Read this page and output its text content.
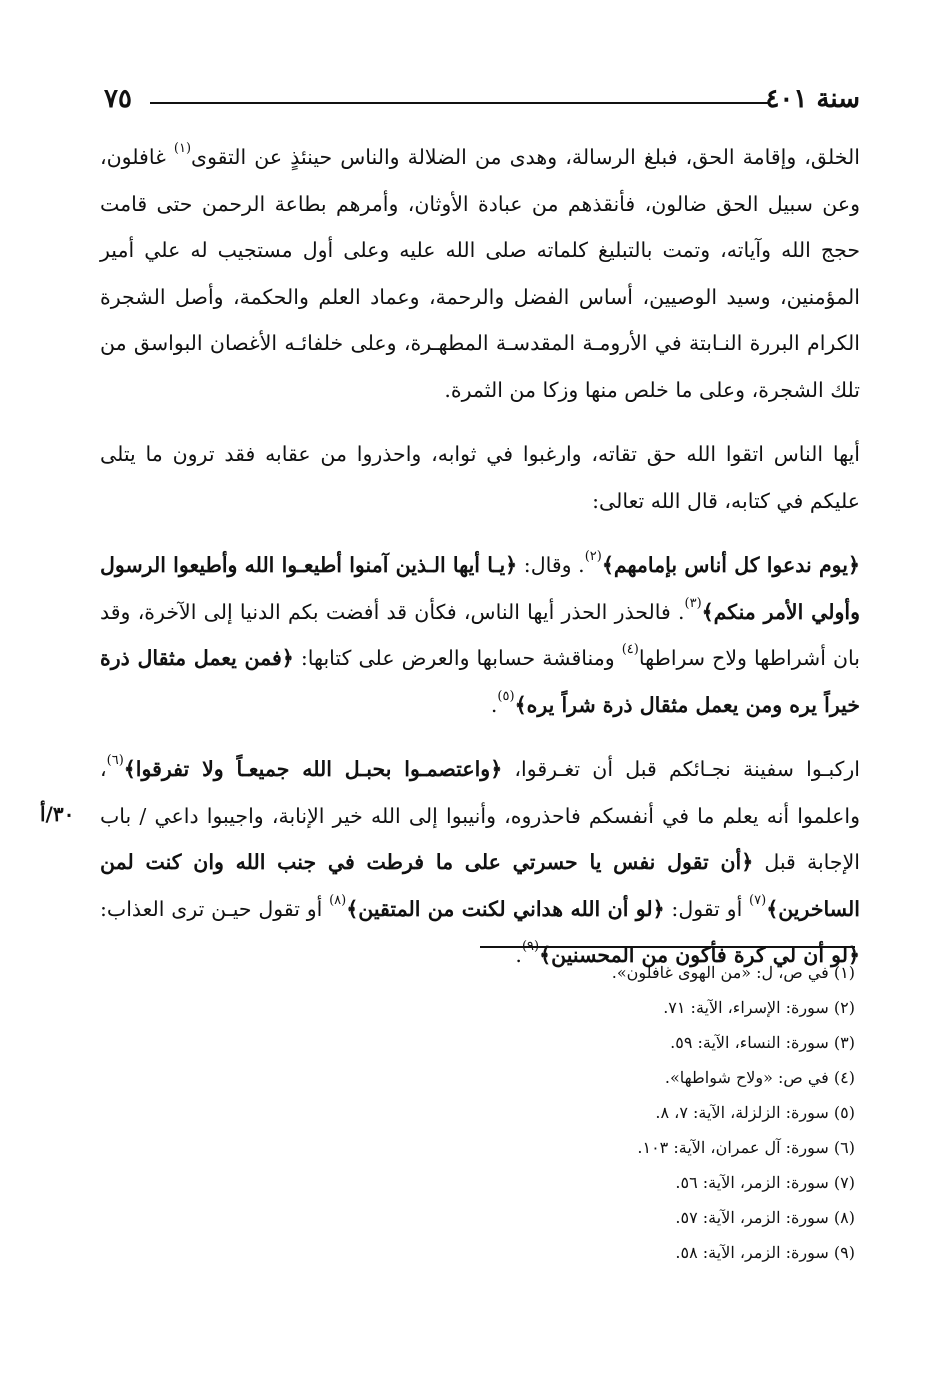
سنة ٤٠١
٧٥

الخلق، وإقامة الحق، فبلغ الرسالة، وهدى من الضلالة والناس حينئذٍ عن التقوى$^{(١)}$ غافلون، وعن سبيل الحق ضالون، فأنقذهم من عبادة الأوثان، وأمرهم بطاعة الرحمن حتى قامت حجج الله وآياته، وتمت بالتبليغ كلماته صلى الله عليه وعلى أول مستجيب له علي أمير المؤمنين، وسيد الوصيين، أساس الفضل والرحمة، وعماد العلم والحكمة، وأصل الشجرة الكرام البررة النـابتة في الأرومـة المقدسـة المطهـرة، وعلى خلفائـه الأغصان البواسق من تلك الشجرة، وعلى ما خلص منها وزكا من الثمرة.

أيها الناس اتقوا الله حق تقاته، وارغبوا في ثوابه، واحذروا من عقابه فقد ترون ما يتلى عليكم في كتابه، قال الله تعالى:

﴿يوم ندعوا كل أناس بإمامهم﴾$^{(٢)}$. وقال: ﴿يـا أيها الـذين آمنوا أطيعـوا الله وأطيعوا الرسول وأولي الأمر منكم﴾$^{(٣)}$. فالحذر الحذر أيها الناس، فكأن قد أفضت بكم الدنيا إلى الآخرة، وقد بان أشراطها ولاح سراطها$^{(٤)}$ ومناقشة حسابها والعرض على كتابها: ﴿فمن يعمل مثقال ذرة خيراً يره ومن يعمل مثقال ذرة شراً يره﴾$^{(٥)}$.

اركبـوا سفينة نجـائكم قبل أن تغـرقوا، ﴿واعتصمـوا بحبـل الله جميعـاً ولا تفرقوا﴾$^{(٦)}$، واعلموا أنه يعلم ما في أنفسكم فاحذروه، وأنيبوا إلى الله خير الإنابة، واجيبوا داعي / باب الإجابة قبل ﴿أن تقول نفس يا حسرتي على ما فرطت في جنب الله وان كنت لمن الساخرين﴾$^{(٧)}$ أو تقول: ﴿لو أن الله هداني لكنت من المتقين﴾$^{(٨)}$ أو تقول حيـن ترى العذاب: ﴿لو أن لي كرة فأكون من المحسنين﴾$^{(٩)}$.

٣٠/أ
(١) في ص، ل: «من الهوى غافلون».
(٢) سورة: الإسراء، الآية: ٧١.
(٣) سورة: النساء، الآية: ٥٩.
(٤) في ص: «ولاح شواطها».
(٥) سورة: الزلزلة، الآية: ٧، ٨.
(٦) سورة: آل عمران، الآية: ١٠٣.
(٧) سورة: الزمر، الآية: ٥٦.
(٨) سورة: الزمر، الآية: ٥٧.
(٩) سورة: الزمر، الآية: ٥٨.
